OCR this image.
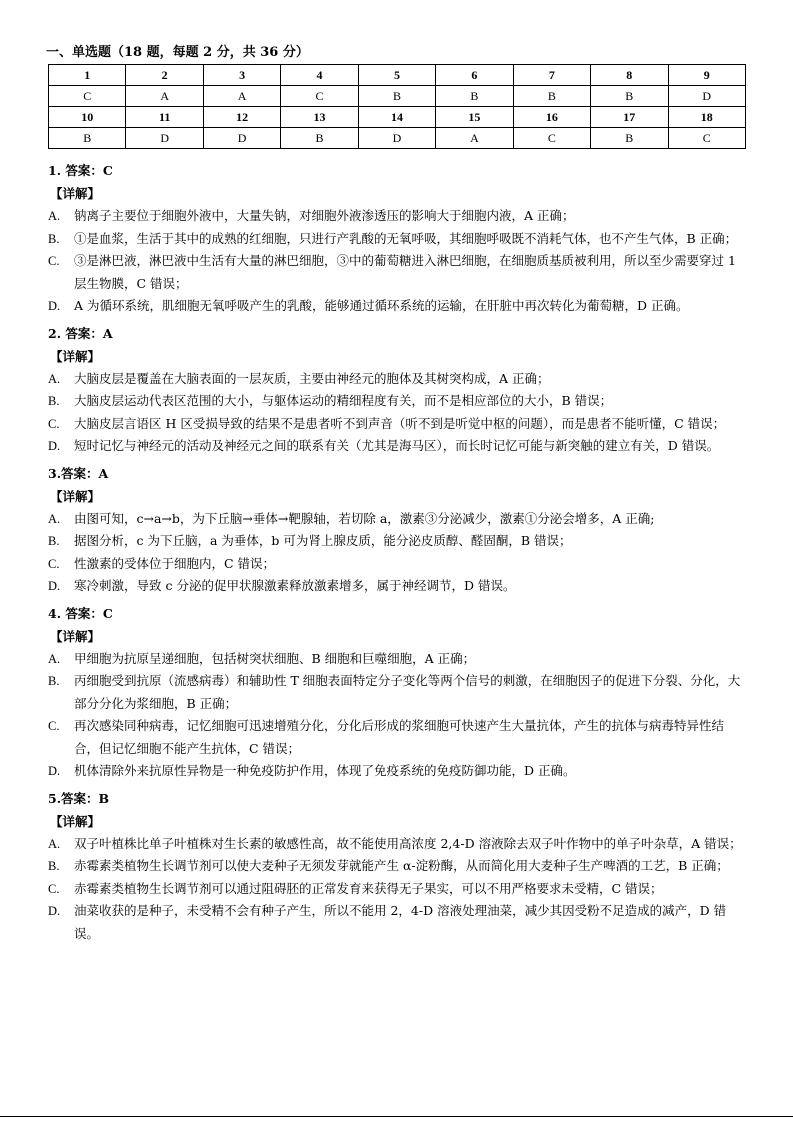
一、单选题（18 题，每题 2 分，共 36 分）
1	2	3	4	5	6	7	8	9
C	A	A	C	B	B	B	B	D
10	11	12	13	14	15	16	17	18
B	D	D	B	D	A	C	B	C
1. 答案：C
【详解】
A.	钠离子主要位于细胞外液中，大量失钠，对细胞外液渗透压的影响大于细胞内液，A 正确；
B.	①是血浆，生活于其中的成熟的红细胞，只进行产乳酸的无氧呼吸，其细胞呼吸既不消耗气体，也不产生气体，B 正确；
C.	③是淋巴液，淋巴液中生活有大量的淋巴细胞，③中的葡萄糖进入淋巴细胞，在细胞质基质被利用，所以至少需要穿过 1 层生物膜，C 错误；
D.	A 为循环系统，肌细胞无氧呼吸产生的乳酸，能够通过循环系统的运输，在肝脏中再次转化为葡萄糖，D 正确。
2. 答案：A
【详解】
A.	大脑皮层是覆盖在大脑表面的一层灰质，主要由神经元的胞体及其树突构成，A 正确；
B.	大脑皮层运动代表区范围的大小，与躯体运动的精细程度有关，而不是相应部位的大小，B 错误；
C.	大脑皮层言语区 H 区受损导致的结果不是患者听不到声音（听不到是听觉中枢的问题），而是患者不能听懂，C 错误；
D.	短时记忆与神经元的活动及神经元之间的联系有关（尤其是海马区），而长时记忆可能与新突触的建立有关，D 错误。
3.答案：A
【详解】
A.	由图可知，c→a→b，为下丘脑→垂体→靶腺轴，若切除 a，激素③分泌减少，激素①分泌会增多，A 正确;
B.	据图分析，c 为下丘脑，a 为垂体，b 可为肾上腺皮质，能分泌皮质醇、醛固酮，B 错误；
C.	性激素的受体位于细胞内，C 错误；
D.	寒冷刺激，导致 c 分泌的促甲状腺激素释放激素增多，属于神经调节，D 错误。
4. 答案：C
【详解】
A.	甲细胞为抗原呈递细胞，包括树突状细胞、B 细胞和巨噬细胞，A 正确；
B.	丙细胞受到抗原（流感病毒）和辅助性 T 细胞表面特定分子变化等两个信号的刺激，在细胞因子的促进下分裂、分化，大部分分化为浆细胞，B 正确；
C.	再次感染同种病毒，记忆细胞可迅速增殖分化，分化后形成的浆细胞可快速产生大量抗体，产生的抗体与病毒特异性结合，但记忆细胞不能产生抗体，C 错误；
D.	机体清除外来抗原性异物是一种免疫防护作用，体现了免疫系统的免疫防御功能，D 正确。
5.答案：B
【详解】
A.	双子叶植株比单子叶植株对生长素的敏感性高，故不能使用高浓度 2,4-D 溶液除去双子叶作物中的单子叶杂草，A 错误；
B.	赤霉素类植物生长调节剂可以使大麦种子无须发芽就能产生 α-淀粉酶，从而简化用大麦种子生产啤酒的工艺，B 正确；
C.	赤霉素类植物生长调节剂可以通过阻碍胚的正常发育来获得无子果实，可以不用严格要求未受精，C 错误；
D.	油菜收获的是种子，未受精不会有种子产生，所以不能用 2，4-D 溶液处理油菜，减少其因受粉不足造成的减产，D 错误。
